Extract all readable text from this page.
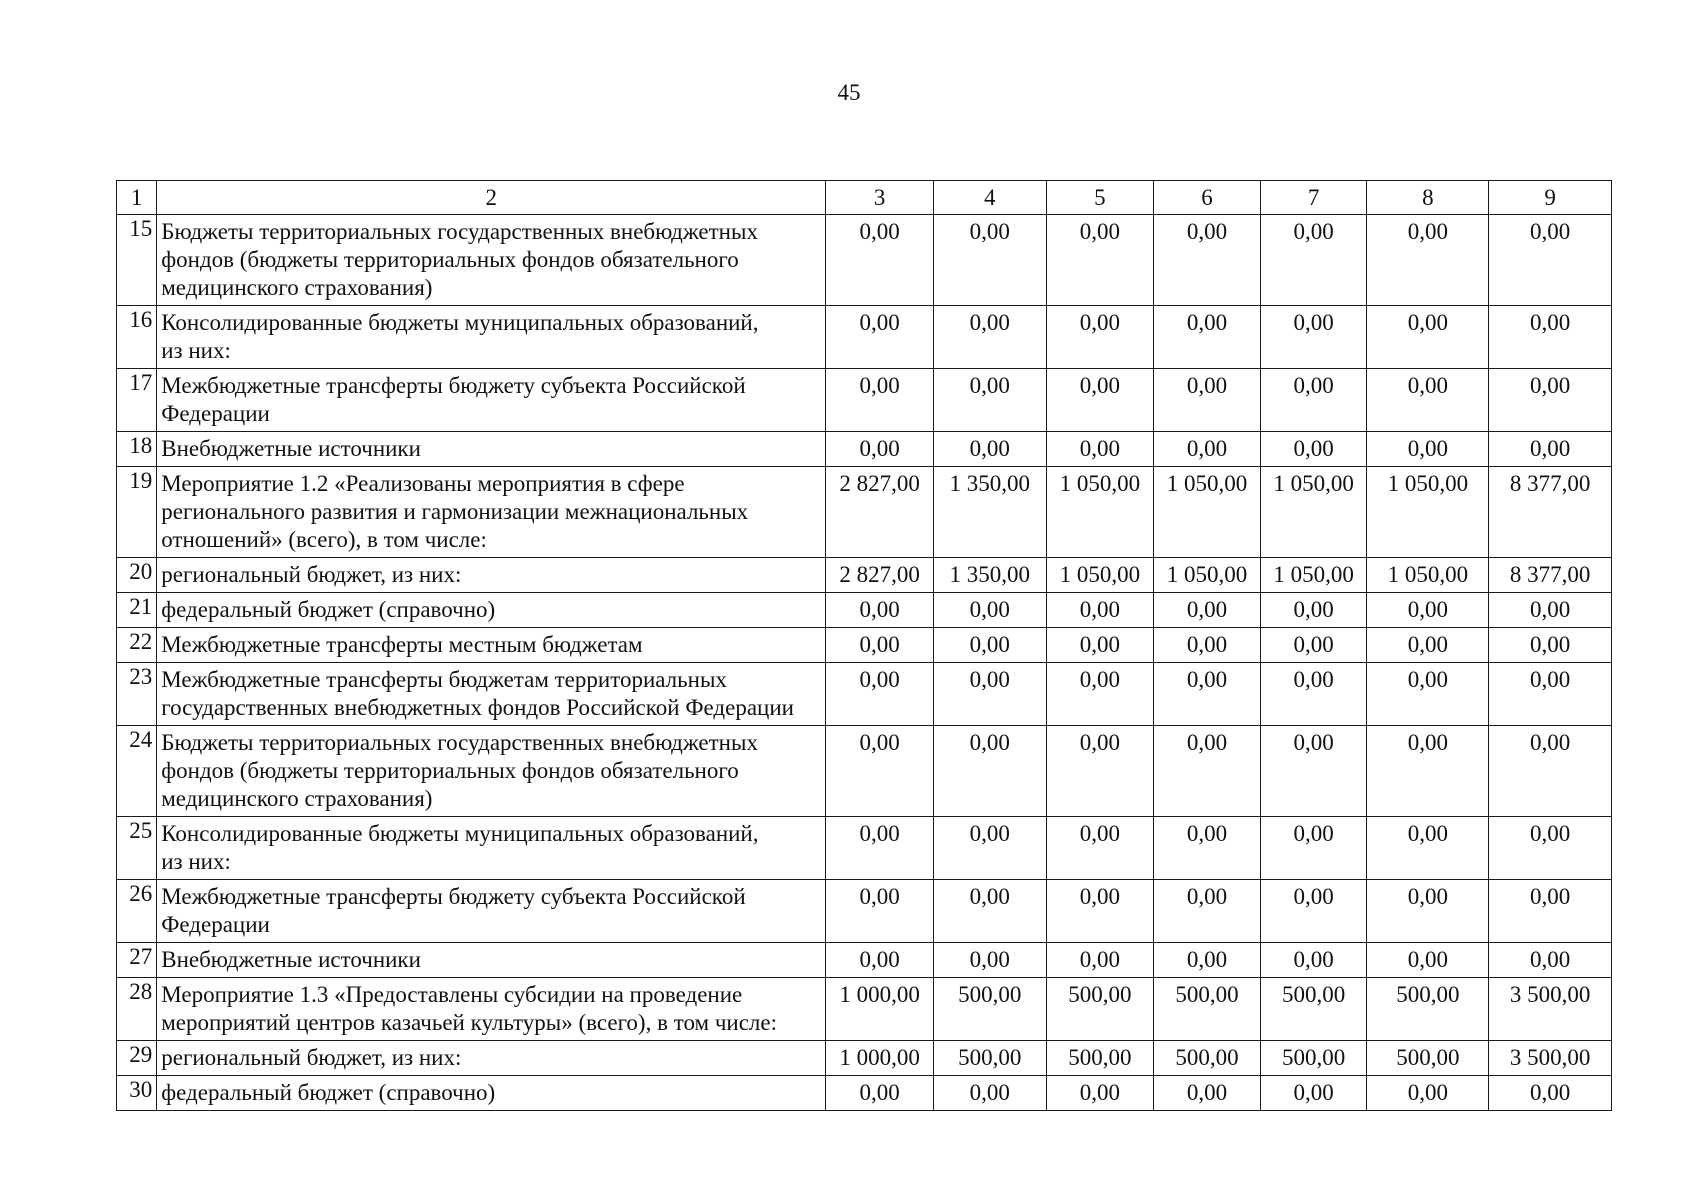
45
1	2	3	4	5	6	7	8	9
15	Бюджеты территориальных государственных внебюджетных
фондов (бюджеты территориальных фондов обязательного
медицинского страхования)	0,00	0,00	0,00	0,00	0,00	0,00	0,00
16	Консолидированные бюджеты муниципальных образований,
из них:	0,00	0,00	0,00	0,00	0,00	0,00	0,00
17	Межбюджетные трансферты бюджету субъекта Российской
Федерации	0,00	0,00	0,00	0,00	0,00	0,00	0,00
18	Внебюджетные источники	0,00	0,00	0,00	0,00	0,00	0,00	0,00
19	Мероприятие 1.2 «Реализованы мероприятия в сфере
регионального развития и гармонизации межнациональных
отношений» (всего), в том числе:	2 827,00	1 350,00	1 050,00	1 050,00	1 050,00	1 050,00	8 377,00
20	региональный бюджет, из них:	2 827,00	1 350,00	1 050,00	1 050,00	1 050,00	1 050,00	8 377,00
21	федеральный бюджет (справочно)	0,00	0,00	0,00	0,00	0,00	0,00	0,00
22	Межбюджетные трансферты местным бюджетам	0,00	0,00	0,00	0,00	0,00	0,00	0,00
23	Межбюджетные трансферты бюджетам территориальных
государственных внебюджетных фондов Российской Федерации	0,00	0,00	0,00	0,00	0,00	0,00	0,00
24	Бюджеты территориальных государственных внебюджетных
фондов (бюджеты территориальных фондов обязательного
медицинского страхования)	0,00	0,00	0,00	0,00	0,00	0,00	0,00
25	Консолидированные бюджеты муниципальных образований,
из них:	0,00	0,00	0,00	0,00	0,00	0,00	0,00
26	Межбюджетные трансферты бюджету субъекта Российской
Федерации	0,00	0,00	0,00	0,00	0,00	0,00	0,00
27	Внебюджетные источники	0,00	0,00	0,00	0,00	0,00	0,00	0,00
28	Мероприятие 1.3 «Предоставлены субсидии на проведение
мероприятий центров казачьей культуры» (всего), в том числе:	1 000,00	500,00	500,00	500,00	500,00	500,00	3 500,00
29	региональный бюджет, из них:	1 000,00	500,00	500,00	500,00	500,00	500,00	3 500,00
30	федеральный бюджет (справочно)	0,00	0,00	0,00	0,00	0,00	0,00	0,00
